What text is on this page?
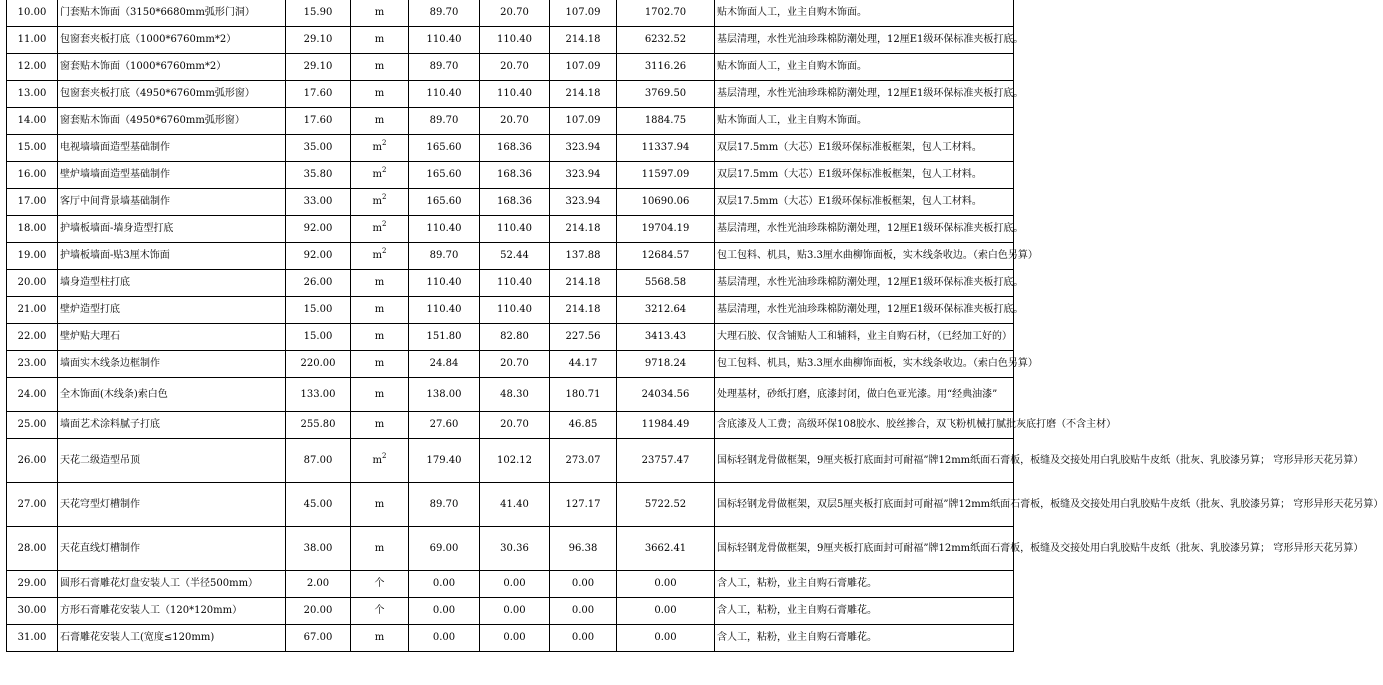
10.00	门套贴木饰面（3150*6680mm弧形门洞）	15.90	m	89.70	20.70	107.09	1702.70	贴木饰面人工，业主自购木饰面。
11.00	包窗套夹板打底（1000*6760mm*2）	29.10	m	110.40	110.40	214.18	6232.52	基层清理，水性光油珍珠棉防潮处理，12厘E1级环保标准夹板打底。
12.00	窗套贴木饰面（1000*6760mm*2）	29.10	m	89.70	20.70	107.09	3116.26	贴木饰面人工，业主自购木饰面。
13.00	包窗套夹板打底（4950*6760mm弧形窗）	17.60	m	110.40	110.40	214.18	3769.50	基层清理，水性光油珍珠棉防潮处理，12厘E1级环保标准夹板打底。
14.00	窗套贴木饰面（4950*6760mm弧形窗）	17.60	m	89.70	20.70	107.09	1884.75	贴木饰面人工，业主自购木饰面。
15.00	电视墙墙面造型基础制作	35.00	$m^2$	165.60	168.36	323.94	11337.94	双层17.5mm（大芯）E1级环保标准板框架，包人工材料。
16.00	壁炉墙墙面造型基础制作	35.80	$m^2$	165.60	168.36	323.94	11597.09	双层17.5mm（大芯）E1级环保标准板框架，包人工材料。
17.00	客厅中间背景墙基础制作	33.00	$m^2$	165.60	168.36	323.94	10690.06	双层17.5mm（大芯）E1级环保标准板框架，包人工材料。
18.00	护墙板墙面-墙身造型打底	92.00	$m^2$	110.40	110.40	214.18	19704.19	基层清理，水性光油珍珠棉防潮处理，12厘E1级环保标准夹板打底。
19.00	护墙板墙面-贴3厘木饰面	92.00	$m^2$	89.70	52.44	137.88	12684.57	包工包料、机具，贴3.3厘水曲柳饰面板，实木线条收边。（索白色另算）
20.00	墙身造型柱打底	26.00	m	110.40	110.40	214.18	5568.58	基层清理，水性光油珍珠棉防潮处理，12厘E1级环保标准夹板打底。
21.00	壁炉造型打底	15.00	m	110.40	110.40	214.18	3212.64	基层清理，水性光油珍珠棉防潮处理，12厘E1级环保标准夹板打底。
22.00	壁炉贴大理石	15.00	m	151.80	82.80	227.56	3413.43	大理石胶、仅含铺贴人工和辅料，业主自购石材，（已经加工好的）
23.00	墙面实木线条边框制作	220.00	m	24.84	20.70	44.17	9718.24	包工包料、机具，贴3.3厘水曲柳饰面板，实木线条收边。（索白色另算）
24.00	全木饰面(木线条)索白色	133.00	m	138.00	48.30	180.71	24034.56	处理基材，砂纸打磨，底漆封闭，做白色亚光漆。用“经典油漆”
25.00	墙面艺术涂料腻子打底	255.80	m	27.60	20.70	46.85	11984.49	含底漆及人工费；高级环保108胶水、胶丝掺合，双飞粉机械打腻批灰底打磨（不含主材）
26.00	天花二级造型吊顶	87.00	$m^2$	179.40	102.12	273.07	23757.47	国标轻钢龙骨做框架，9厘夹板打底面封可耐福”牌12mm纸面石膏板，板缝及交接处用白乳胶贴牛皮纸（批灰、乳胶漆另算； 穹形异形天花另算）
27.00	天花穹型灯槽制作	45.00	m	89.70	41.40	127.17	5722.52	国标轻钢龙骨做框架，双层5厘夹板打底面封可耐福”牌12mm纸面石膏板，板缝及交接处用白乳胶贴牛皮纸（批灰、乳胶漆另算； 穹形异形天花另算）
28.00	天花直线灯槽制作	38.00	m	69.00	30.36	96.38	3662.41	国标轻钢龙骨做框架，9厘夹板打底面封可耐福”牌12mm纸面石膏板，板缝及交接处用白乳胶贴牛皮纸（批灰、乳胶漆另算； 穹形异形天花另算）
29.00	圆形石膏雕花灯盘安装人工（半径500mm）	2.00	个	0.00	0.00	0.00	0.00	含人工，粘粉，业主自购石膏雕花。
30.00	方形石膏雕花安装人工（120*120mm）	20.00	个	0.00	0.00	0.00	0.00	含人工，粘粉，业主自购石膏雕花。
31.00	石膏雕花安装人工(宽度≤120mm)	67.00	m	0.00	0.00	0.00	0.00	含人工，粘粉，业主自购石膏雕花。
